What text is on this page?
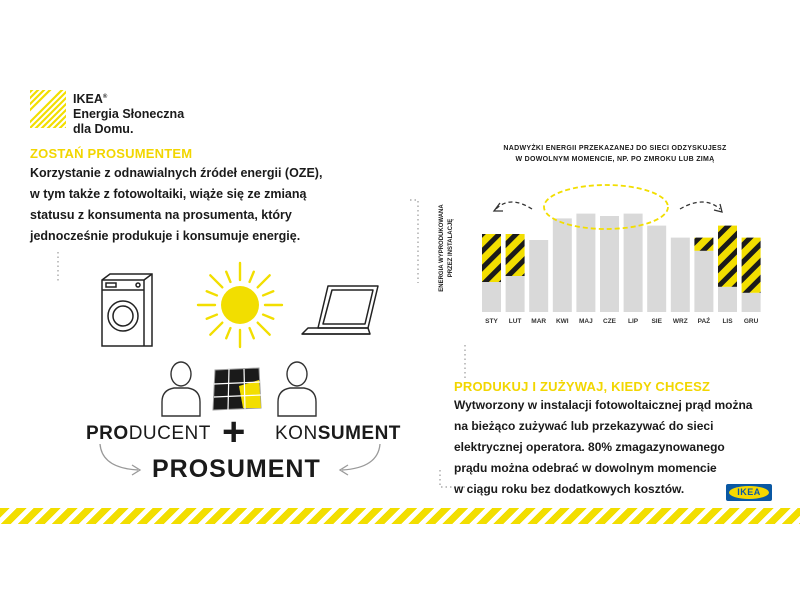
IKEA®
Energia Słoneczna
dla Domu.
ZOSTAŃ PROSUMENTEM
Korzystanie z odnawialnych źródeł energii (OZE),
w tym także z fotowoltaiki, wiąże się ze zmianą
statusu z konsumenta na prosumenta, który
jednocześnie produkuje i konsumuje energię.
PRODUCENT + KONSUMENT
PROSUMENT
NADWYŻKI ENERGII PRZEKAZANEJ DO SIECI ODZYSKUJESZ
W DOWOLNYM MOMENCIE, NP. PO ZMROKU LUB ZIMĄ
ENERGIA WYPRODUKOWANA PRZEZ INSTALACJĘ
STY	LUT	MAR	KWI	MAJ	CZE	LIP	SIE	WRZ	PAŹ	LIS	GRU
PRODUKUJ I ZUŻYWAJ, KIEDY CHCESZ
Wytworzony w instalacji fotowoltaicznej prąd można
na bieżąco zużywać lub przekazywać do sieci
elektrycznej operatora. 80% zmagazynowanego
prądu można odebrać w dowolnym momencie
w ciągu roku bez dodatkowych kosztów.	IKEA
